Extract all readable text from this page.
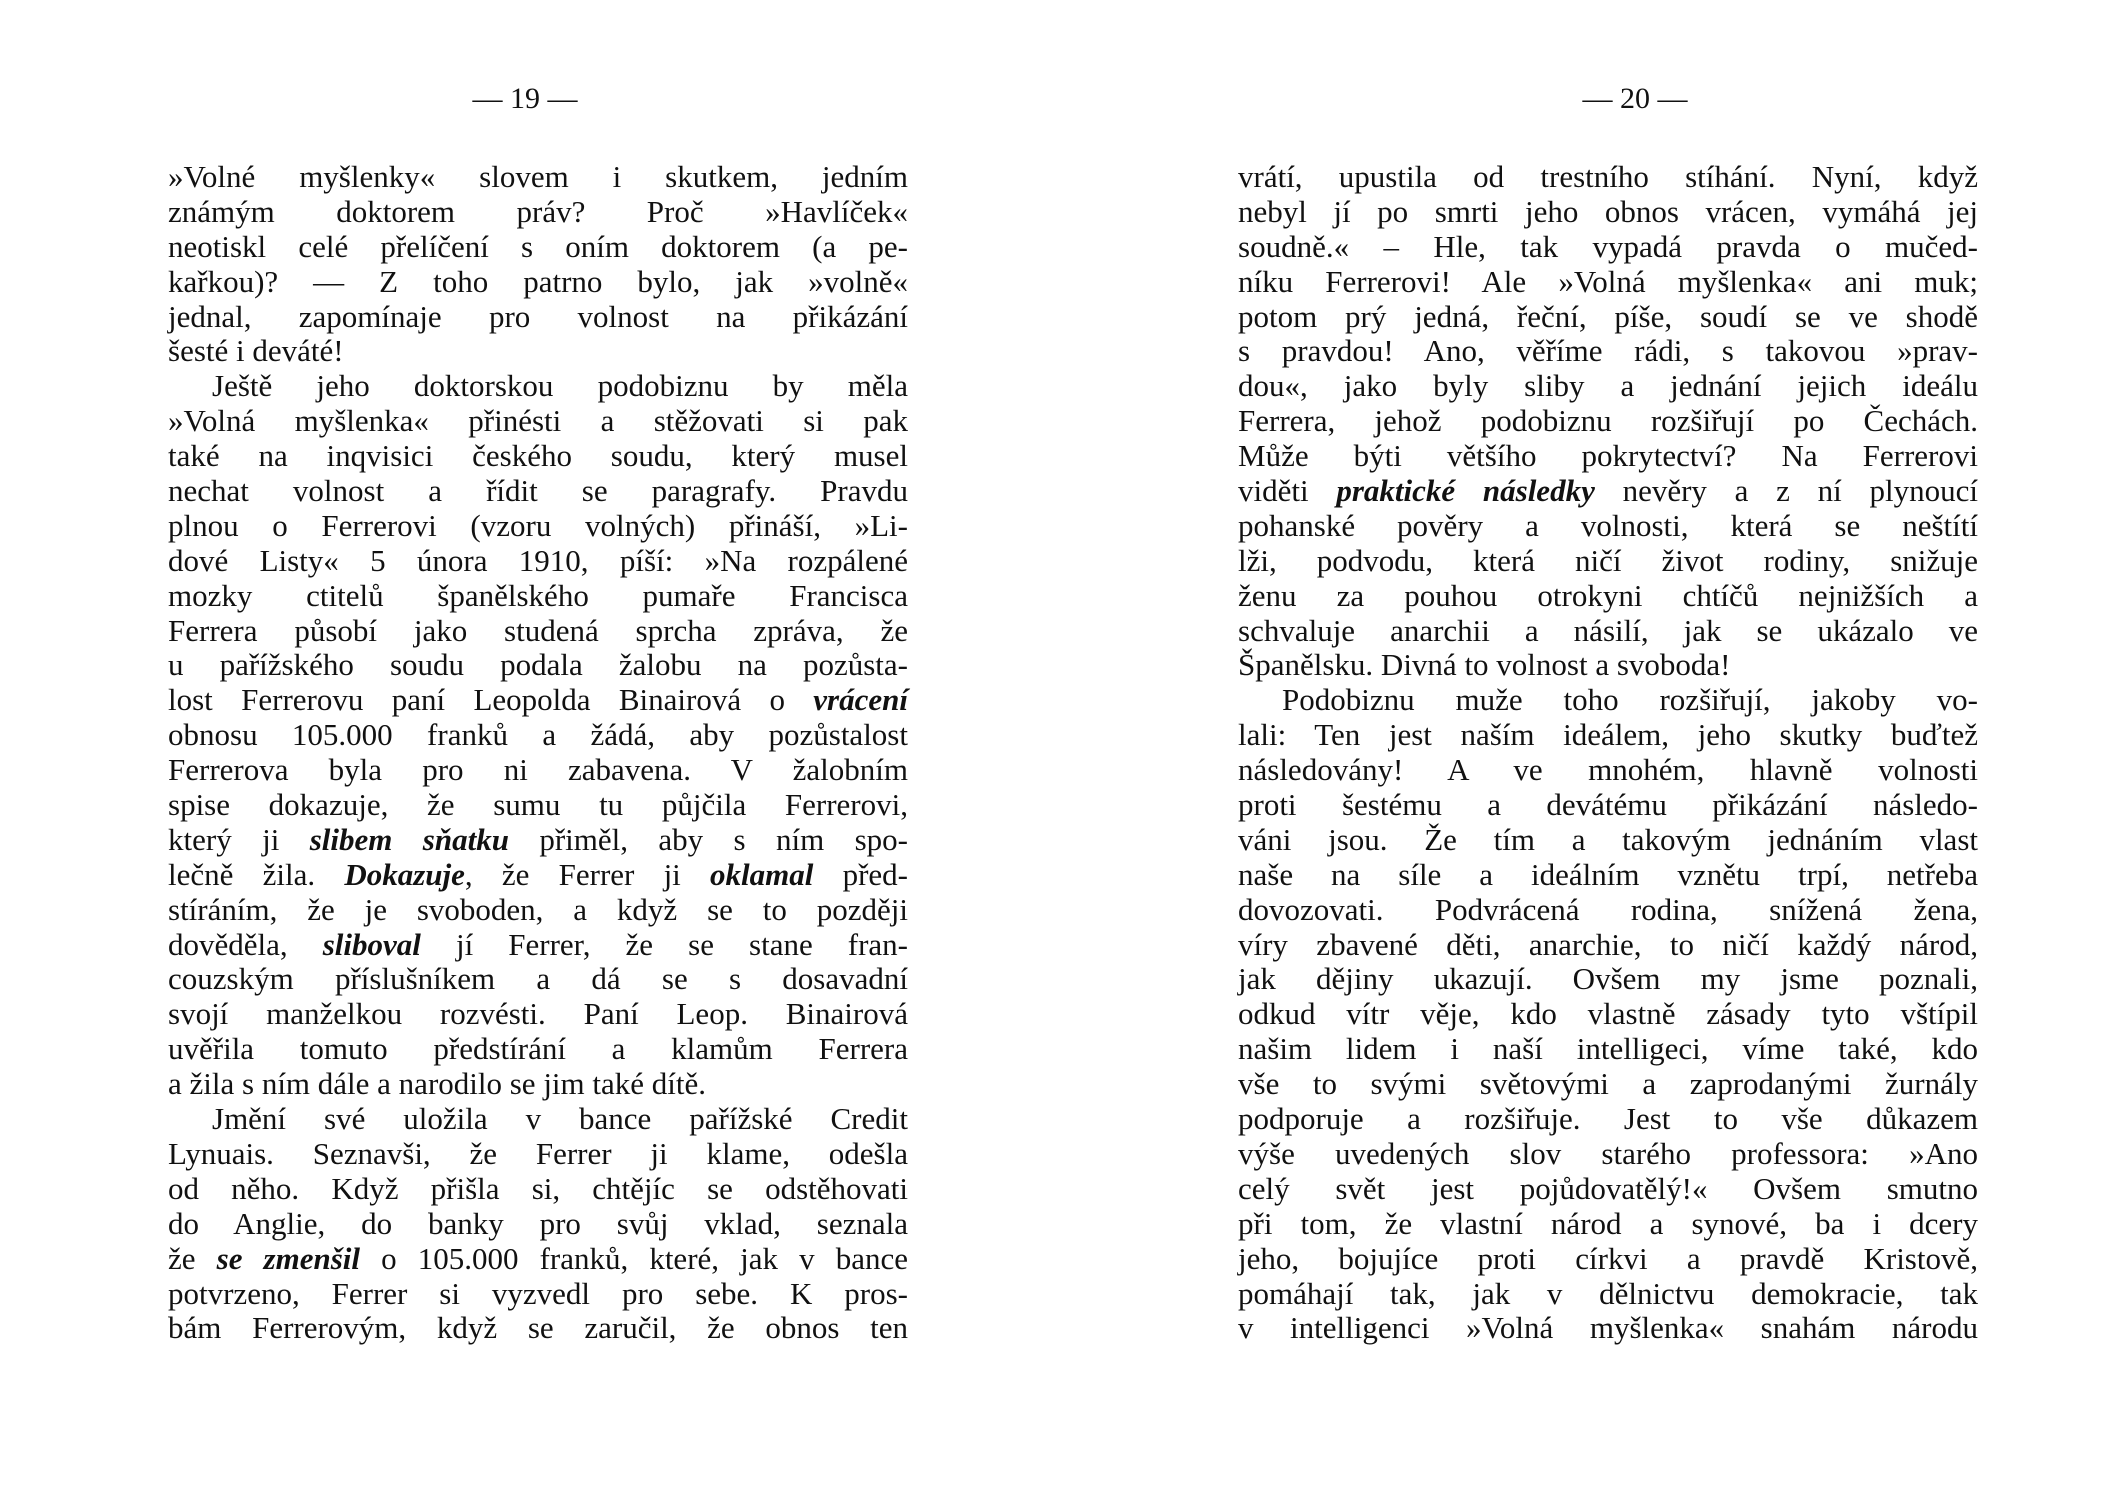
— 19 —
»Volné myšlenky« slovem i skutkem, jedním
známým doktorem práv? Proč »Havlíček«
neotiskl celé přelíčení s oním doktorem (a pe-
kařkou)? — Z toho patrno bylo, jak »volně«
jednal, zapomínaje pro volnost na přikázání
šesté i deváté!
Ještě jeho doktorskou podobiznu by měla
»Volná myšlenka« přinésti a stěžovati si pak
také na inqvisici českého soudu, který musel
nechat volnost a řídit se paragrafy. Pravdu
plnou o Ferrerovi (vzoru volných) přináší, »Li-
dové Listy« 5 února 1910, píší: »Na rozpálené
mozky ctitelů španělského pumaře Francisca
Ferrera působí jako studená sprcha zpráva, že
u pařížského soudu podala žalobu na pozůsta-
lost Ferrerovu paní Leopolda Binairová o vrácení
obnosu 105.000 franků a žádá, aby pozůstalost
Ferrerova byla pro ni zabavena. V žalobním
spise dokazuje, že sumu tu půjčila Ferrerovi,
který ji slibem sňatku přiměl, aby s ním spo-
lečně žila. Dokazuje, že Ferrer ji oklamal před-
stíráním, že je svoboden, a když se to později
dověděla, sliboval jí Ferrer, že se stane fran-
couzským příslušníkem a dá se s dosavadní
svojí manželkou rozvésti. Paní Leop. Binairová
uvěřila tomuto předstírání a klamům Ferrera
a žila s ním dále a narodilo se jim také dítě.
Jmění své uložila v bance pařížské Credit
Lynuais. Seznavši, že Ferrer ji klame, odešla
od něho. Když přišla si, chtějíc se odstěhovati
do Anglie, do banky pro svůj vklad, seznala
že se zmenšil o 105.000 franků, které, jak v bance
potvrzeno, Ferrer si vyzvedl pro sebe. K pros-
bám Ferrerovým, když se zaručil, že obnos ten
— 20 —
vrátí, upustila od trestního stíhání. Nyní, když
nebyl jí po smrti jeho obnos vrácen, vymáhá jej
soudně.« – Hle, tak vypadá pravda o mučed-
níku Ferrerovi! Ale »Volná myšlenka« ani muk;
potom prý jedná, řeční, píše, soudí se ve shodě
s pravdou! Ano, věříme rádi, s takovou »prav-
dou«, jako byly sliby a jednání jejich ideálu
Ferrera, jehož podobiznu rozšiřují po Čechách.
Může býti většího pokrytectví? Na Ferrerovi
viděti praktické následky nevěry a z ní plynoucí
pohanské pověry a volnosti, která se neštítí
lži, podvodu, která ničí život rodiny, snižuje
ženu za pouhou otrokyni chtíčů nejnižších a
schvaluje anarchii a násilí, jak se ukázalo ve
Španělsku. Divná to volnost a svoboda!
Podobiznu muže toho rozšiřují, jakoby vo-
lali: Ten jest naším ideálem, jeho skutky buďtež
následovány! A ve mnohém, hlavně volnosti
proti šestému a devátému přikázání následo-
váni jsou. Že tím a takovým jednáním vlast
naše na síle a ideálním vznětu trpí, netřeba
dovozovati. Podvrácená rodina, snížená žena,
víry zbavené děti, anarchie, to ničí každý národ,
jak dějiny ukazují. Ovšem my jsme poznali,
odkud vítr věje, kdo vlastně zásady tyto vštípil
našim lidem i naší intelligeci, víme také, kdo
vše to svými světovými a zaprodanými žurnály
podporuje a rozšiřuje. Jest to vše důkazem
výše uvedených slov starého professora: »Ano
celý svět jest pojůdovatělý!« Ovšem smutno
při tom, že vlastní národ a synové, ba i dcery
jeho, bojujíce proti církvi a pravdě Kristově,
pomáhají tak, jak v dělnictvu demokracie, tak
v intelligenci »Volná myšlenka« snahám národu
